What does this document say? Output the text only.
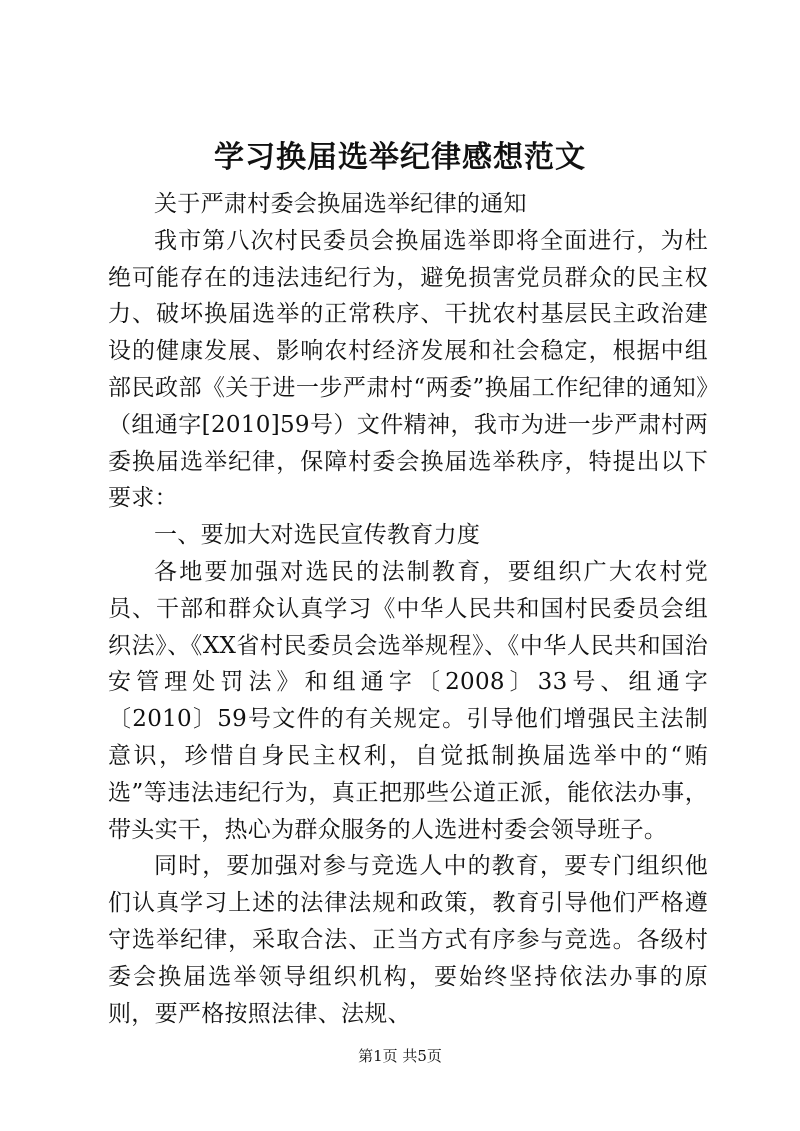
学习换届选举纪律感想范文

关于严肃村委会换届选举纪律的通知

我市第八次村民委员会换届选举即将全面进行，为杜绝可能存在的违法违纪行为，避免损害党员群众的民主权力、破坏换届选举的正常秩序、干扰农村基层民主政治建设的健康发展、影响农村经济发展和社会稳定，根据中组部民政部《关于进一步严肃村“两委”换届工作纪律的通知》（组通字[2010]59号）文件精神，我市为进一步严肃村两委换届选举纪律，保障村委会换届选举秩序，特提出以下要求：

一、要加大对选民宣传教育力度

各地要加强对选民的法制教育，要组织广大农村党员、干部和群众认真学习《中华人民共和国村民委员会组织法》、《XX省村民委员会选举规程》、《中华人民共和国治安管理处罚法》和组通字〔2008〕33号、组通字〔2010〕59号文件的有关规定。引导他们增强民主法制意识，珍惜自身民主权利，自觉抵制换届选举中的“贿选”等违法违纪行为，真正把那些公道正派，能依法办事，带头实干，热心为群众服务的人选进村委会领导班子。

同时，要加强对参与竞选人中的教育，要专门组织他们认真学习上述的法律法规和政策，教育引导他们严格遵守选举纪律，采取合法、正当方式有序参与竞选。各级村委会换届选举领导组织机构，要始终坚持依法办事的原则，要严格按照法律、法规、

第1页 共5页
